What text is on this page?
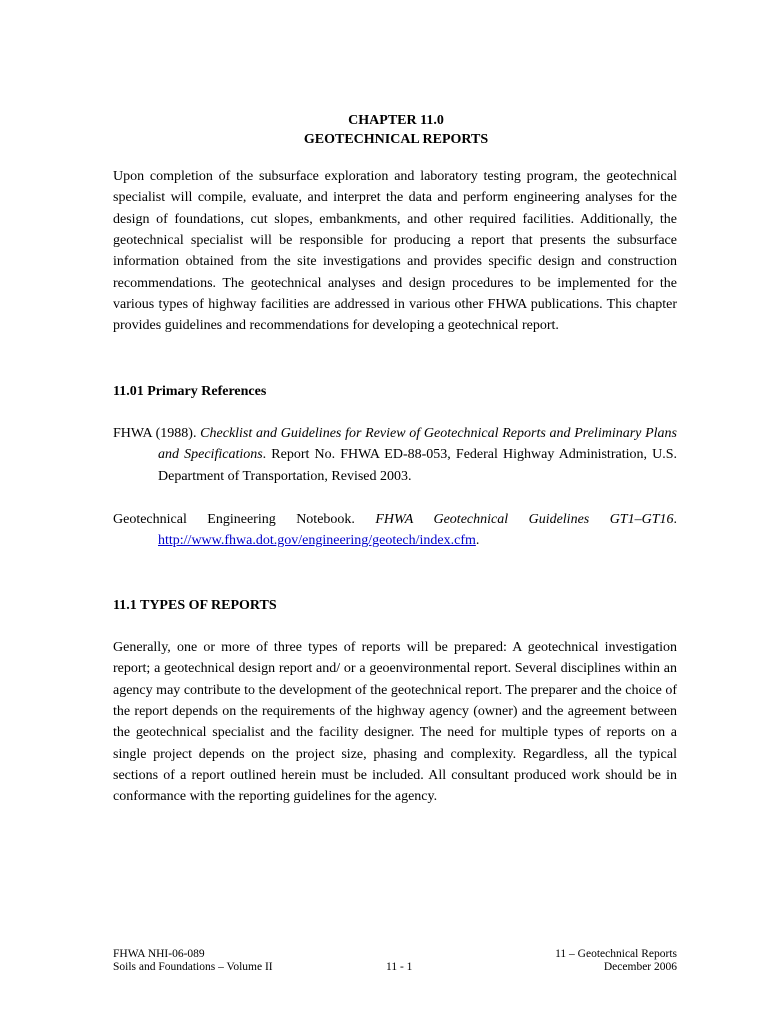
CHAPTER 11.0
GEOTECHNICAL REPORTS
Upon completion of the subsurface exploration and laboratory testing program, the geotechnical specialist will compile, evaluate, and interpret the data and perform engineering analyses for the design of foundations, cut slopes, embankments, and other required facilities. Additionally, the geotechnical specialist will be responsible for producing a report that presents the subsurface information obtained from the site investigations and provides specific design and construction recommendations. The geotechnical analyses and design procedures to be implemented for the various types of highway facilities are addressed in various other FHWA publications. This chapter provides guidelines and recommendations for developing a geotechnical report.
11.01 Primary References
FHWA (1988). Checklist and Guidelines for Review of Geotechnical Reports and Preliminary Plans and Specifications. Report No. FHWA ED-88-053, Federal Highway Administration, U.S. Department of Transportation, Revised 2003.
Geotechnical Engineering Notebook. FHWA Geotechnical Guidelines GT1–GT16. http://www.fhwa.dot.gov/engineering/geotech/index.cfm.
11.1 TYPES OF REPORTS
Generally, one or more of three types of reports will be prepared: A geotechnical investigation report; a geotechnical design report and/ or a geoenvironmental report. Several disciplines within an agency may contribute to the development of the geotechnical report. The preparer and the choice of the report depends on the requirements of the highway agency (owner) and the agreement between the geotechnical specialist and the facility designer. The need for multiple types of reports on a single project depends on the project size, phasing and complexity. Regardless, all the typical sections of a report outlined herein must be included. All consultant produced work should be in conformance with the reporting guidelines for the agency.
FHWA NHI-06-089	11 – Geotechnical Reports
Soils and Foundations – Volume II	11 - 1	December 2006
